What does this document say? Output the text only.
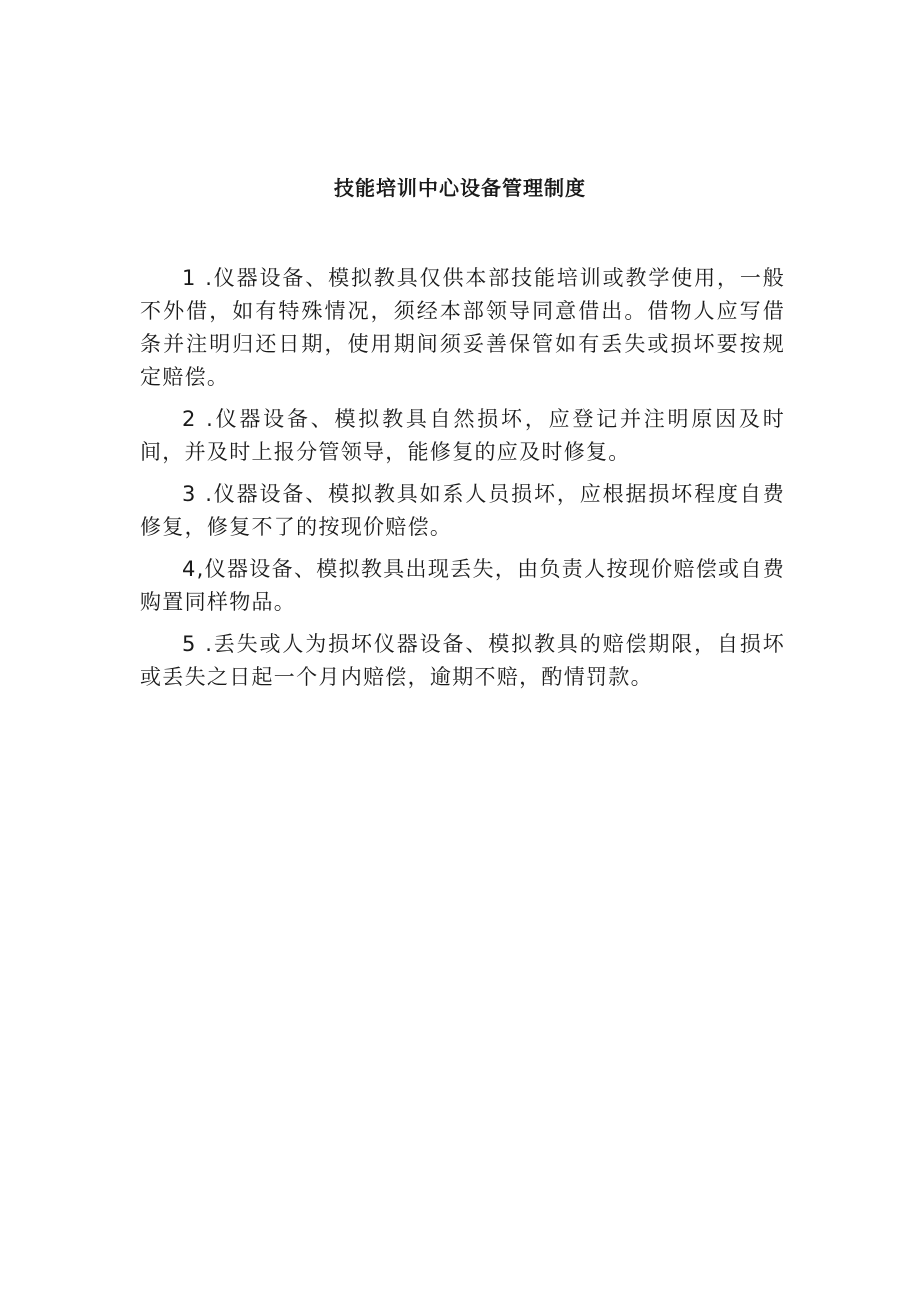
技能培训中心设备管理制度

1 .仪器设备、模拟教具仅供本部技能培训或教学使用，一般不外借，如有特殊情况，须经本部领导同意借出。借物人应写借条并注明归还日期，使用期间须妥善保管如有丢失或损坏要按规定赔偿。

2 .仪器设备、模拟教具自然损坏，应登记并注明原因及时间，并及时上报分管领导，能修复的应及时修复。

3 .仪器设备、模拟教具如系人员损坏，应根据损坏程度自费修复，修复不了的按现价赔偿。

4,仪器设备、模拟教具出现丢失，由负责人按现价赔偿或自费购置同样物品。

5 .丢失或人为损坏仪器设备、模拟教具的赔偿期限，自损坏或丢失之日起一个月内赔偿，逾期不赔，酌情罚款。
